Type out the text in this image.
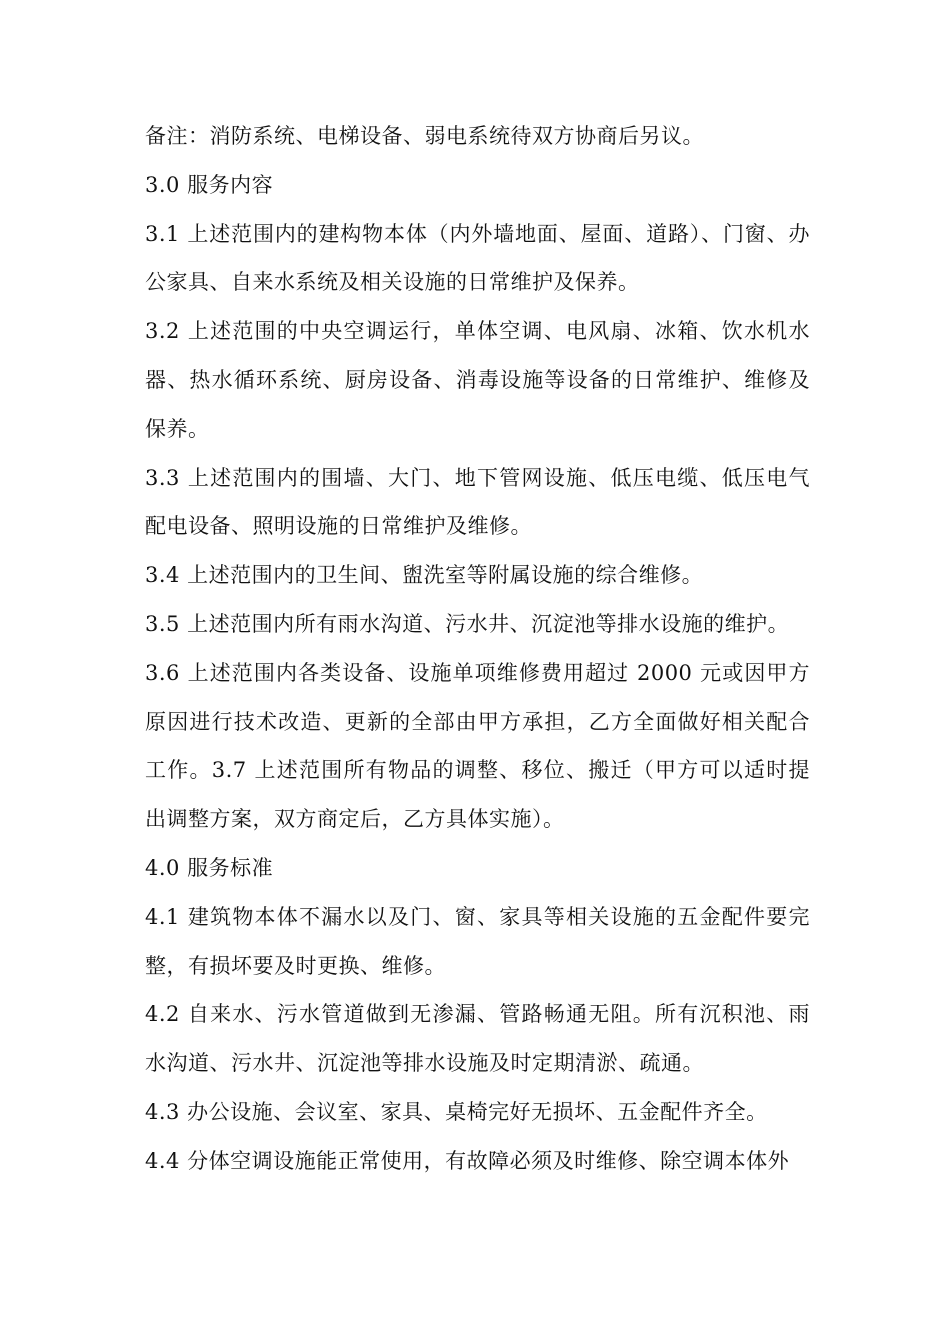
备注：消防系统、电梯设备、弱电系统待双方协商后另议。

3.0 服务内容

3.1 上述范围内的建构物本体（内外墙地面、屋面、道路）、门窗、办公家具、自来水系统及相关设施的日常维护及保养。

3.2 上述范围的中央空调运行，单体空调、电风扇、冰箱、饮水机水器、热水循环系统、厨房设备、消毒设施等设备的日常维护、维修及保养。

3.3 上述范围内的围墙、大门、地下管网设施、低压电缆、低压电气配电设备、照明设施的日常维护及维修。

3.4 上述范围内的卫生间、盥洗室等附属设施的综合维修。

3.5 上述范围内所有雨水沟道、污水井、沉淀池等排水设施的维护。

3.6 上述范围内各类设备、设施单项维修费用超过 2000 元或因甲方原因进行技术改造、更新的全部由甲方承担，乙方全面做好相关配合工作。3.7 上述范围所有物品的调整、移位、搬迁（甲方可以适时提出调整方案，双方商定后，乙方具体实施）。

4.0 服务标准

4.1 建筑物本体不漏水以及门、窗、家具等相关设施的五金配件要完整，有损坏要及时更换、维修。

4.2 自来水、污水管道做到无渗漏、管路畅通无阻。所有沉积池、雨水沟道、污水井、沉淀池等排水设施及时定期清淤、疏通。

4.3 办公设施、会议室、家具、桌椅完好无损坏、五金配件齐全。

4.4 分体空调设施能正常使用，有故障必须及时维修、除空调本体外
